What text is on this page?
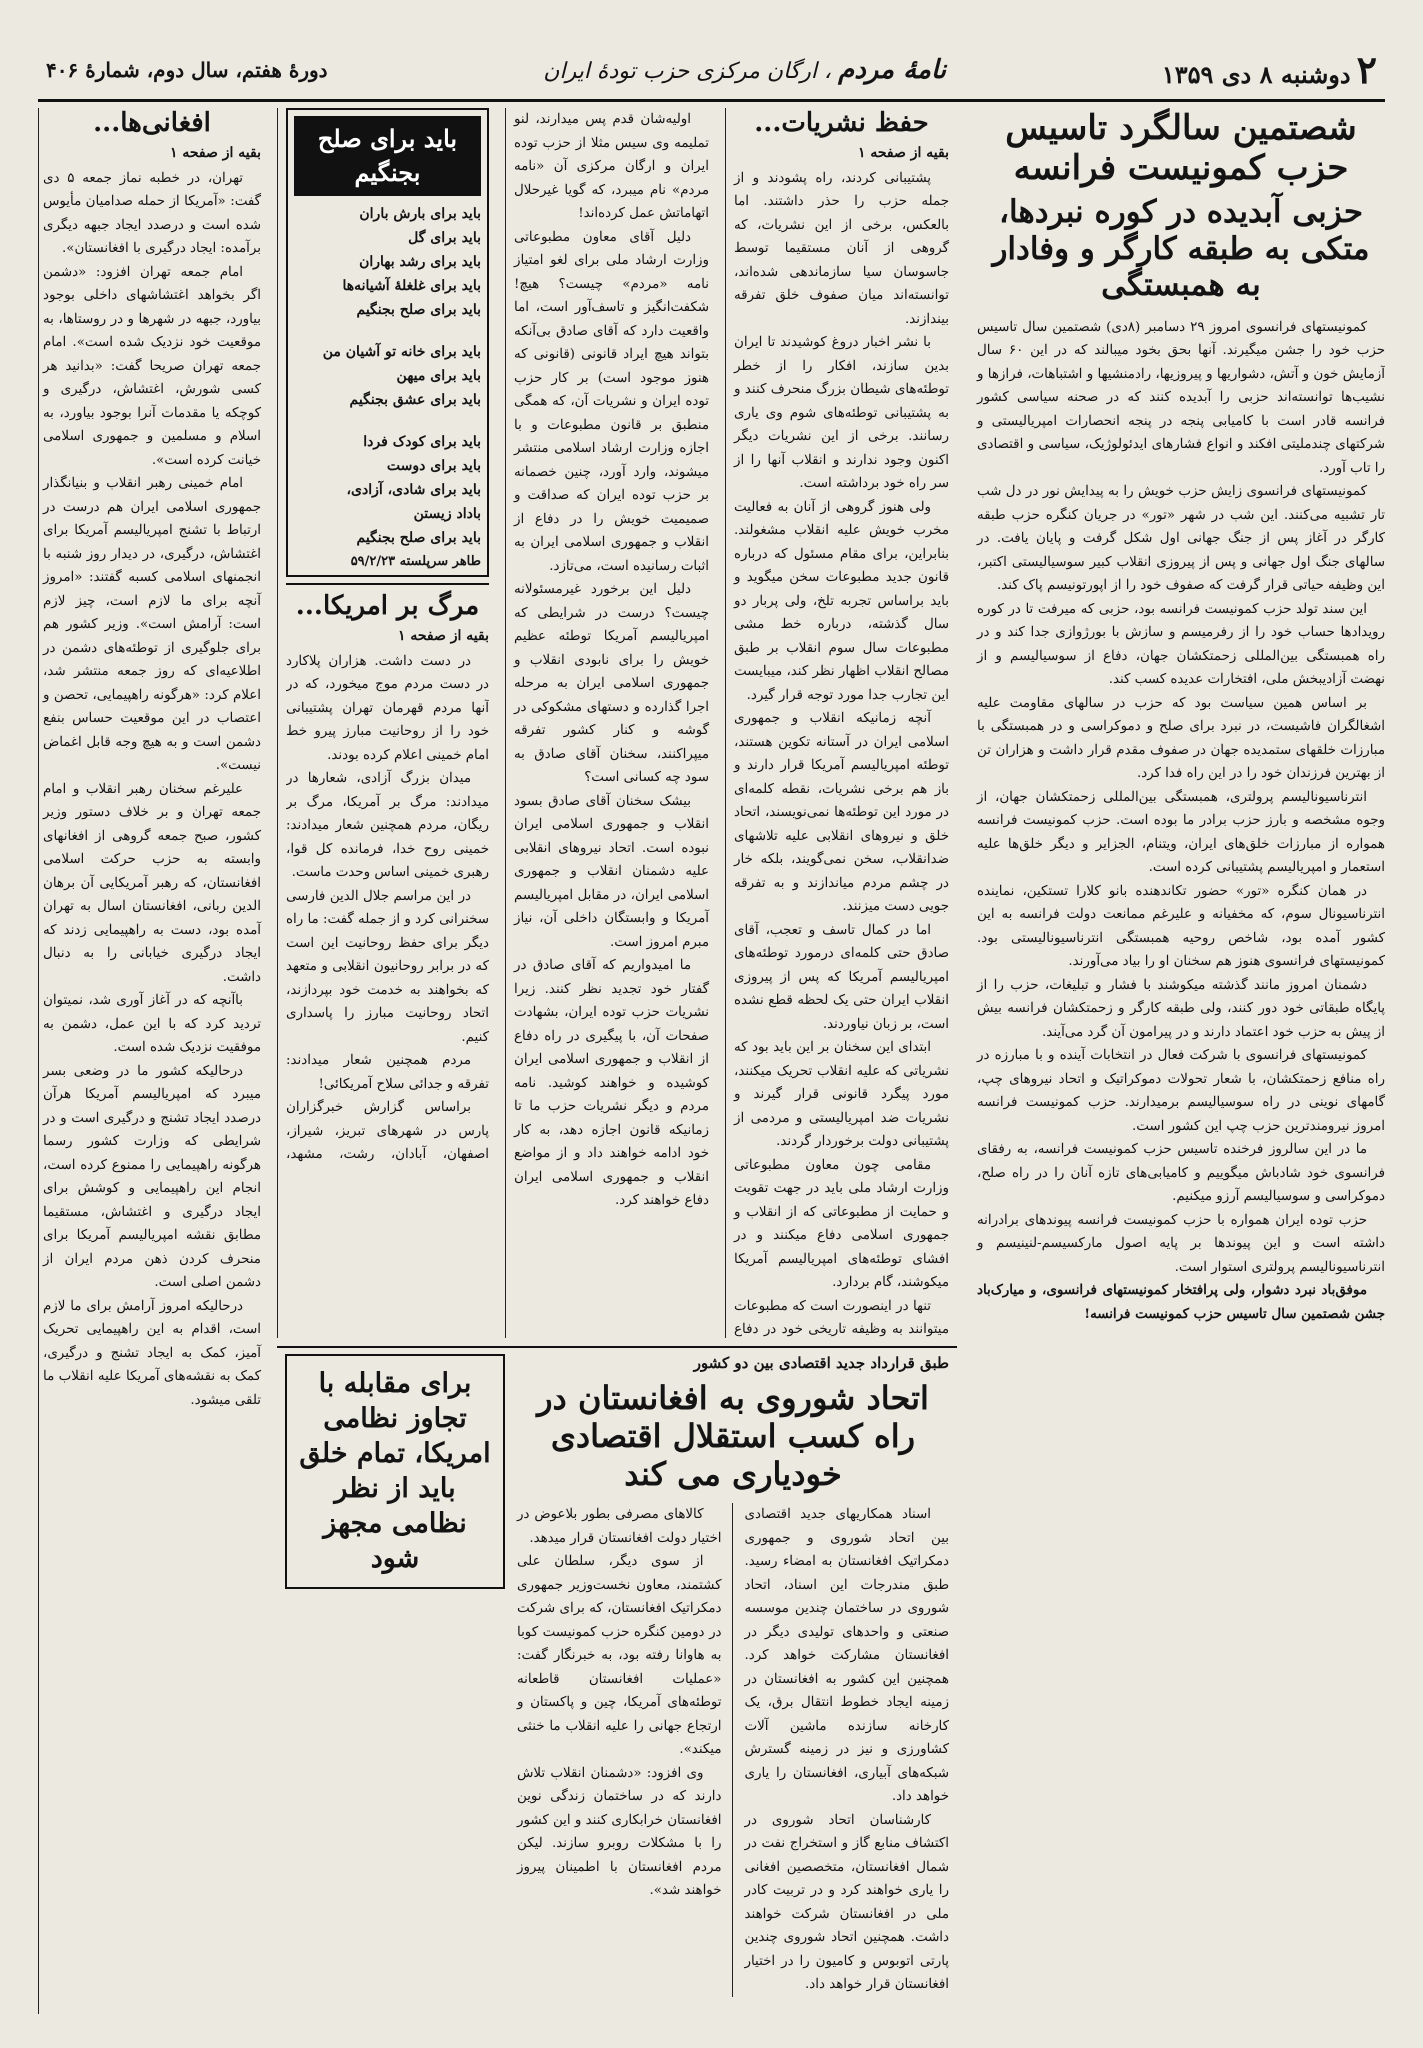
۲
دوشنبه ۸ دی ۱۳۵۹
نامهٔ مردم ، ارگان مرکزی حزب تودهٔ ایران
دورهٔ هفتم، سال دوم، شمارهٔ ۴۰۶
شصتمین سالگرد تاسیس حزب کمونیست فرانسه
حزبی آبدیده در کوره نبردها، متکی به طبقه کارگر و وفادار به همبستگی

کمونیستهای فرانسوی امروز ۲۹ دسامبر (۸دی) شصتمین سال تاسیس حزب خود را جشن میگیرند. آنها بحق بخود میبالند که در این ۶۰ سال آزمایش خون و آتش، دشواریها و پیروزیها، رادمنشیها و اشتباهات، فرازها و نشیب‌ها توانسته‌اند حزبی را آبدیده کنند که در صحنه سیاسی کشور فرانسه قادر است با کامیابی پنجه در پنجه انحصارات امپریالیستی و شرکتهای چندملیتی افکند و انواع فشارهای ایدئولوژیک، سیاسی و اقتصادی را تاب آورد.

کمونیستهای فرانسوی زایش حزب خویش را به پیدایش نور در دل شب تار تشبیه می‌کنند. این شب در شهر «تور» در جریان کنگره حزب طبقه کارگر در آغاز پس از جنگ جهانی اول شکل گرفت و پایان یافت. در سالهای جنگ اول جهانی و پس از پیروزی انقلاب کبیر سوسیالیستی اکتبر، این وظیفه حیاتی قرار گرفت که صفوف خود را از اپورتونیسم پاک کند.

این سند تولد حزب کمونیست فرانسه بود، حزبی که میرفت تا در کوره رویدادها حساب خود را از رفرمیسم و سازش با بورژوازی جدا کند و در راه همبستگی بین‌المللی زحمتکشان جهان، دفاع از سوسیالیسم و از نهضت آزادیبخش ملی، افتخارات عدیده کسب کند.

بر اساس همین سیاست بود که حزب در سالهای مقاومت علیه اشغالگران فاشیست، در نبرد برای صلح و دموکراسی و در همبستگی با مبارزات خلقهای ستمدیده جهان در صفوف مقدم قرار داشت و هزاران تن از بهترین فرزندان خود را در این راه فدا کرد.

انترناسیونالیسم پرولتری، همبستگی بین‌المللی زحمتکشان جهان، از وجوه مشخصه و بارز حزب برادر ما بوده است. حزب کمونیست فرانسه همواره از مبارزات خلق‌های ایران، ویتنام، الجزایر و دیگر خلق‌ها علیه استعمار و امپریالیسم پشتیبانی کرده است.

در همان کنگره «تور» حضور تکاندهنده بانو کلارا تستکین، نماینده انترناسیونال سوم، که مخفیانه و علیرغم ممانعت دولت فرانسه به این کشور آمده بود، شاخص روحیه همبستگی انترناسیونالیستی بود. کمونیستهای فرانسوی هنوز هم سخنان او را بیاد می‌آورند.

دشمنان امروز مانند گذشته میکوشند با فشار و تبلیغات، حزب را از پایگاه طبقاتی خود دور کنند، ولی طبقه کارگر و زحمتکشان فرانسه بیش از پیش به حزب خود اعتماد دارند و در پیرامون آن گرد می‌آیند.

کمونیستهای فرانسوی با شرکت فعال در انتخابات آینده و با مبارزه در راه منافع زحمتکشان، با شعار تحولات دموکراتیک و اتحاد نیروهای چپ، گامهای نوینی در راه سوسیالیسم برمیدارند. حزب کمونیست فرانسه امروز نیرومندترین حزب چپ این کشور است.

ما در این سالروز فرخنده تاسیس حزب کمونیست فرانسه، به رفقای فرانسوی خود شادباش میگوییم و کامیابی‌های تازه آنان را در راه صلح، دموکراسی و سوسیالیسم آرزو میکنیم.

حزب توده ایران همواره با حزب کمونیست فرانسه پیوندهای برادرانه داشته است و این پیوندها بر پایه اصول مارکسیسم-لنینیسم و انترناسیونالیسم پرولتری استوار است.

موفق‌باد نبرد دشوار، ولی پرافتخار کمونیستهای فرانسوی، و میارک‌باد جشن شصتمین سال تاسیس حزب کمونیست فرانسه!

حفظ نشریات...
بقیه از صفحه ۱

پشتیبانی کردند، راه پشودند و از جمله حزب را حذر داشتند. اما بالعکس، برخی از این نشریات، که گروهی از آنان مستقیما توسط جاسوسان سیا سازماندهی شده‌اند، توانسته‌اند میان صفوف خلق تفرقه بیندازند.

با نشر اخبار دروغ کوشیدند تا ایران بدین سازند، افکار را از خطر توطئه‌های شیطان بزرگ منحرف کنند و به پشتیبانی توطئه‌های شوم وی یاری رسانند. برخی از این نشریات دیگر اکنون وجود ندارند و انقلاب آنها را از سر راه خود برداشته است.

ولی هنوز گروهی از آنان به فعالیت مخرب خویش علیه انقلاب مشغولند. بنابراین، برای مقام مسئول که درباره قانون جدید مطبوعات سخن میگوید و باید براساس تجربه تلخ، ولی پربار دو سال گذشته، درباره خط مشی مطبوعات سال سوم انقلاب بر طبق مصالح انقلاب اظهار نظر کند، میبایست این تجارب جدا مورد توجه قرار گیرد.

آنچه زمانیکه انقلاب و جمهوری اسلامی ایران در آستانه تکوین هستند، توطئه امپریالیسم آمریکا قرار دارند و باز هم برخی نشریات، نقطه کلمه‌ای در مورد این توطئه‌ها نمی‌نویسند، اتحاد خلق و نیروهای انقلابی علیه تلاشهای ضدانقلاب، سخن نمی‌گویند، بلکه خار در چشم مردم میاندازند و به تفرقه جویی دست میزنند.

اما در کمال تاسف و تعجب، آقای صادق حتی کلمه‌ای درمورد توطئه‌های امپریالیسم آمریکا که پس از پیروزی انقلاب ایران حتی یک لحظه قطع نشده است، بر زبان نیاوردند.

ابتدای این سخنان بر این باید بود که نشریاتی که علیه انقلاب تحریک میکنند، مورد پیگرد قانونی قرار گیرند و نشریات ضد امپریالیستی و مردمی از پشتیبانی دولت برخوردار گردند.

مقامی چون معاون مطبوعاتی وزارت ارشاد ملی باید در جهت تقویت و حمایت از مطبوعاتی که از انقلاب و جمهوری اسلامی دفاع میکنند و در افشای توطئه‌های امپریالیسم آمریکا میکوشند، گام بردارد.

تنها در اینصورت است که مطبوعات میتوانند به وظیفه تاریخی خود در دفاع

اولیه‌شان قدم پس میدارند، لنو تملیمه وی سیس مثلا از حزب توده ایران و ارگان مرکزی آن «نامه مردم» نام میبرد، که گویا غیرحلال اتهاماتش عمل کرده‌اند!

دلیل آقای معاون مطبوعاتی وزارت ارشاد ملی برای لغو امتیاز نامه «مردم» چیست؟ هیچ! شکفت‌انگیز و تاسف‌آور است، اما واقعیت دارد که آقای صادق بی‌آنکه بتواند هیچ ایراد قانونی (قانونی که هنوز موجود است) بر کار حزب توده ایران و نشریات آن، که همگی منطبق بر قانون مطبوعات و با اجازه وزارت ارشاد اسلامی منتشر میشوند، وارد آورد، چنین خصمانه بر حزب توده ایران که صداقت و صمیمیت خویش را در دفاع از انقلاب و جمهوری اسلامی ایران به اثبات رسانیده است، می‌تازد.

دلیل این برخورد غیرمسئولانه چیست؟ درست در شرایطی که امپریالیسم آمریکا توطئه عظیم خویش را برای نابودی انقلاب و جمهوری اسلامی ایران به مرحله اجرا گذارده و دستهای مشکوکی در گوشه و کنار کشور تفرقه میپراکنند، سخنان آقای صادق به سود چه کسانی است؟

بیشک سخنان آقای صادق بسود انقلاب و جمهوری اسلامی ایران نبوده است. اتحاد نیروهای انقلابی علیه دشمنان انقلاب و جمهوری اسلامی ایران، در مقابل امپریالیسم آمریکا و وابستگان داخلی آن، نیاز مبرم امروز است.

ما امیدواریم که آقای صادق در گفتار خود تجدید نظر کنند. زیرا نشریات حزب توده ایران، بشهادت صفحات آن، با پیگیری در راه دفاع از انقلاب و جمهوری اسلامی ایران کوشیده و خواهند کوشید. نامه مردم و دیگر نشریات حزب ما تا زمانیکه قانون اجازه دهد، به کار خود ادامه خواهند داد و از مواضع انقلاب و جمهوری اسلامی ایران دفاع خواهند کرد.

باید برای صلح بجنگیم
باید برای بارش باران
باید برای گل
باید برای رشد بهاران
باید برای غلغلهٔ آشیانه‌ها
باید برای صلح بجنگیم
باید برای خانه تو آشیان من
باید برای میهن
باید برای عشق بجنگیم
باید برای کودک فردا
باید برای دوست
باید برای شادی، آزادی،
باداد زیستن
باید برای صلح بجنگیم
طاهر سرپلسته ۵۹/۲/۲۳
مرگ بر امریکا...
بقیه از صفحه ۱

در دست داشت. هزاران پلاکارد در دست مردم موج میخورد، که در آنها مردم قهرمان تهران پشتیبانی خود را از روحانیت مبارز پیرو خط امام خمینی اعلام کرده بودند.

میدان بزرگ آزادی، شعارها در میدادند: مرگ بر آمریکا، مرگ بر ریگان، مردم همچنین شعار میدادند: خمینی روح خدا، فرمانده کل قوا، رهبری خمینی اساس وحدت ماست.

در این مراسم جلال الدین فارسی سخنرانی کرد و از جمله گفت: ما راه دیگر برای حفظ روحانیت این است که در برابر روحانیون انقلابی و متعهد که بخواهند به خدمت خود بپردازند، اتحاد روحانیت مبارز را پاسداری کنیم.

مردم همچنین شعار میدادند: تفرقه و جدائی سلاح آمریکائی!

براساس گزارش خبرگزاران پارس در شهرهای تبریز، شیراز، اصفهان، آبادان، رشت، مشهد،

افغانی‌ها...
بقیه از صفحه ۱

تهران، در خطبه نماز جمعه ۵ دی گفت: «آمریکا از حمله صدامیان مأیوس شده است و درصدد ایجاد جبهه دیگری برآمده: ایجاد درگیری با افغانستان».

امام جمعه تهران افزود: «دشمن اگر بخواهد اغتشاشهای داخلی بوجود بیاورد، جبهه در شهرها و در روستاها، به موقعیت خود نزدیک شده است». امام جمعه تهران صریحا گفت: «بدانید هر کسی شورش، اغتشاش، درگیری و کوچکه یا مقدمات آنرا بوجود بیاورد، به اسلام و مسلمین و جمهوری اسلامی خیانت کرده است».

امام خمینی رهبر انقلاب و بنیانگذار جمهوری اسلامی ایران هم درست در ارتباط با تشنج امپریالیسم آمریکا برای اغتشاش، درگیری، در دیدار روز شنبه با انجمنهای اسلامی کسبه گفتند: «امروز آنچه برای ما لازم است، چیز لازم است: آرامش است». وزیر کشور هم برای جلوگیری از توطئه‌های دشمن در اطلاعیه‌ای که روز جمعه منتشر شد، اعلام کرد: «هرگونه راهپیمایی، تحصن و اعتصاب در این موقعیت حساس بنفع دشمن است و به هیچ وجه قابل اغماض نیست».

علیرغم سخنان رهبر انقلاب و امام جمعه تهران و بر خلاف دستور وزیر کشور، صبح جمعه گروهی از افغانهای وابسته به حزب حرکت اسلامی افغانستان، که رهبر آمریکایی آن برهان الدین ربانی، افغانستان اسال به تهران آمده بود، دست به راهپیمایی زدند که ایجاد درگیری خیابانی را به دنبال داشت.

باآنچه که در آغاز آوری شد، نمیتوان تردید کرد که با این عمل، دشمن به موفقیت نزدیک شده است.

درحالیکه کشور ما در وضعی بسر میبرد که امپریالیسم آمریکا هرآن درصدد ایجاد تشنج و درگیری است و در شرایطی که وزارت کشور رسما هرگونه راهپیمایی را ممنوع کرده است، انجام این راهپیمایی و کوشش برای ایجاد درگیری و اغتشاش، مستقیما مطابق نقشه امپریالیسم آمریکا برای منحرف کردن ذهن مردم ایران از دشمن اصلی است.

درحالیکه امروز آرامش برای ما لازم است، اقدام به این راهپیمایی تحریک آمیز، کمک به ایجاد تشنج و درگیری، کمک به نقشه‌های آمریکا علیه انقلاب ما تلقی میشود.

طبق قرارداد جدید اقتصادی بین دو کشور
اتحاد شوروی به افغانستان در راه کسب استقلال اقتصادی خودیاری می کند

اسناد همکاریهای جدید اقتصادی بین اتحاد شوروی و جمهوری دمکراتیک افغانستان به امضاء رسید. طبق مندرجات این اسناد، اتحاد شوروی در ساختمان چندین موسسه صنعتی و واحدهای تولیدی دیگر در افغانستان مشارکت خواهد کرد. همچنین این کشور به افغانستان در زمینه ایجاد خطوط انتقال برق، یک کارخانه سازنده ماشین آلات کشاورزی و نیز در زمینه گسترش شبکه‌های آبیاری، افغانستان را یاری خواهد داد.

کارشناسان اتحاد شوروی در اکتشاف منابع گاز و استخراج نفت در شمال افغانستان، متخصصین افغانی را یاری خواهند کرد و در تربیت کادر ملی در افغانستان شرکت خواهند داشت. همچنین اتحاد شوروی چندین پارتی اتوبوس و کامیون را در اختیار افغانستان قرار خواهد داد.

کالاهای مصرفی بطور بلاعوض در اختیار دولت افغانستان قرار میدهد.

از سوی دیگر، سلطان علی کشتمند، معاون نخست‌وزیر جمهوری دمکراتیک افغانستان، که برای شرکت در دومین کنگره حزب کمونیست کوبا به هاوانا رفته بود، به خبرنگار گفت: «عملیات افغانستان قاطعانه توطئه‌های آمریکا، چین و پاکستان و ارتجاع جهانی را علیه انقلاب ما خنثی میکند».

وی افزود: «دشمنان انقلاب تلاش دارند که در ساختمان زندگی نوین افغانستان خرابکاری کنند و این کشور را با مشکلات روبرو سازند. لیکن مردم افغانستان با اطمینان پیروز خواهند شد».

برای مقابله با تجاوز نظامی امریکا، تمام خلق باید از نظر نظامی مجهز شود
